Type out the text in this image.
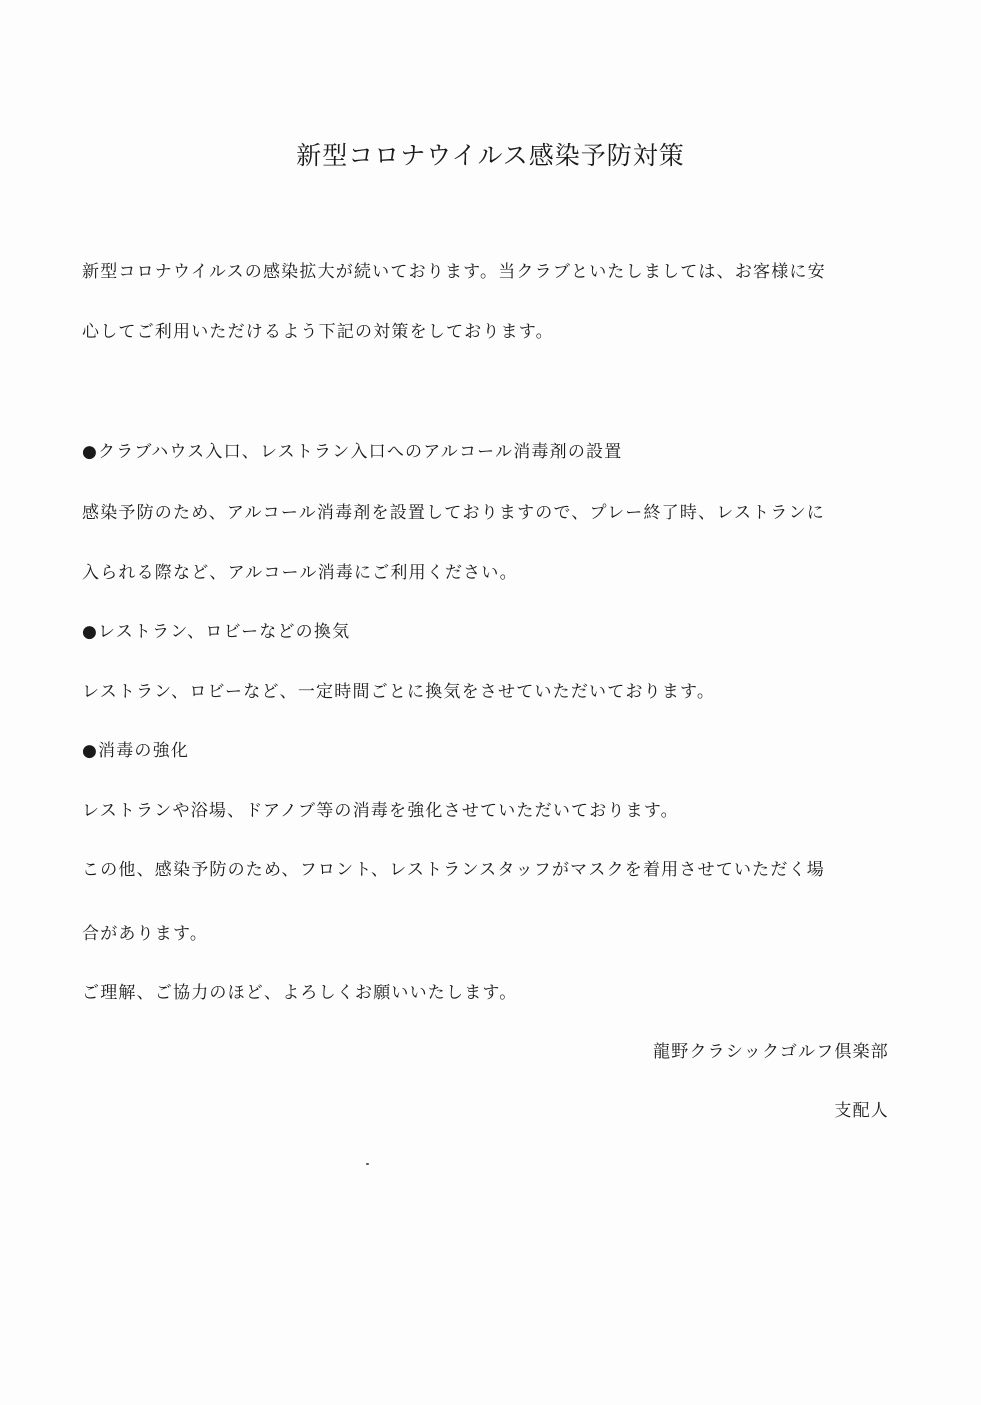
新型コロナウイルス感染予防対策
新型コロナウイルスの感染拡大が続いております。当クラブといたしましては、お客様に安
心してご利用いただけるよう下記の対策をしております。
●クラブハウス入口、レストラン入口へのアルコール消毒剤の設置
感染予防のため、アルコール消毒剤を設置しておりますので、プレー終了時、レストランに
入られる際など、アルコール消毒にご利用ください。
●レストラン、ロビーなどの換気
レストラン、ロビーなど、一定時間ごとに換気をさせていただいております。
●消毒の強化
レストランや浴場、ドアノブ等の消毒を強化させていただいております。
この他、感染予防のため、フロント、レストランスタッフがマスクを着用させていただく場
合があります。
ご理解、ご協力のほど、よろしくお願いいたします。
龍野クラシックゴルフ倶楽部
支配人
